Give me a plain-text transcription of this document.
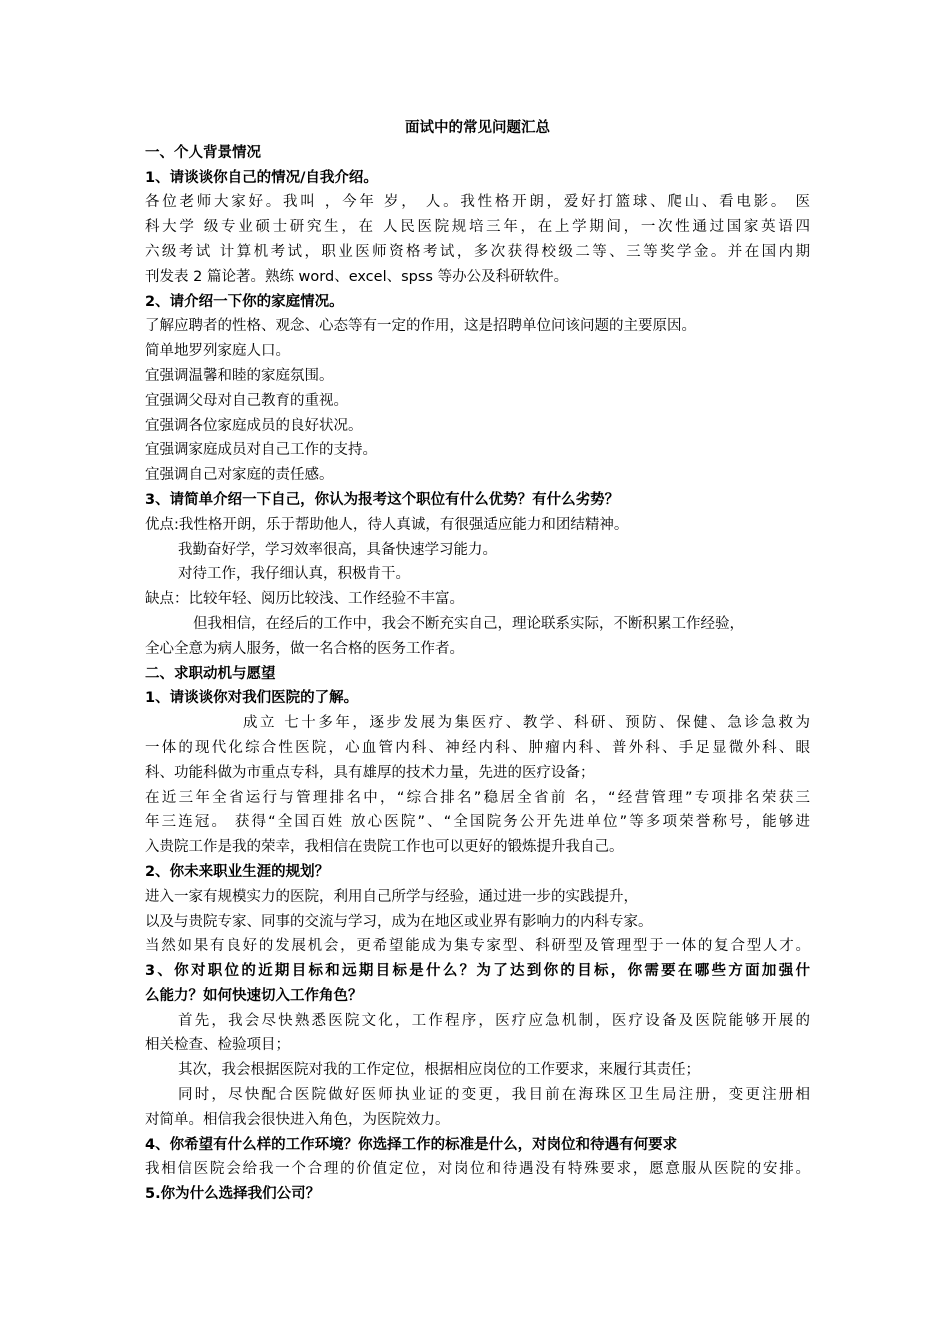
面试中的常见问题汇总
一、个人背景情况
1、请谈谈你自己的情况/自我介绍。
各位老师大家好。我叫 ，今年 岁， 人。我性格开朗，爱好打篮球、爬山、看电影。 医
科大学 级专业硕士研究生，在 人民医院规培三年，在上学期间，一次性通过国家英语四
六级考试 计算机考试，职业医师资格考试，多次获得校级二等、三等奖学金。并在国内期
刊发表 2 篇论著。熟练 word、excel、spss 等办公及科研软件。
2、请介绍一下你的家庭情况。
了解应聘者的性格、观念、心态等有一定的作用，这是招聘单位问该问题的主要原因。
简单地罗列家庭人口。
宜强调温馨和睦的家庭氛围。
宜强调父母对自己教育的重视。
宜强调各位家庭成员的良好状况。
宜强调家庭成员对自己工作的支持。
宜强调自己对家庭的责任感。
3、请简单介绍一下自己，你认为报考这个职位有什么优势？有什么劣势？
优点:我性格开朗，乐于帮助他人，待人真诚，有很强适应能力和团结精神。
我勤奋好学，学习效率很高，具备快速学习能力。
对待工作，我仔细认真，积极肯干。
缺点：比较年轻、阅历比较浅、工作经验不丰富。
但我相信，在经后的工作中，我会不断充实自己，理论联系实际，不断积累工作经验，
全心全意为病人服务，做一名合格的医务工作者。
二、求职动机与愿望
1、请谈谈你对我们医院的了解。
成立 七十多年，逐步发展为集医疗、教学、科研、预防、保健、急诊急救为
一体的现代化综合性医院，心血管内科、神经内科、肿瘤内科、普外科、手足显微外科、眼
科、功能科做为市重点专科，具有雄厚的技术力量，先进的医疗设备；
在近三年全省运行与管理排名中，“综合排名”稳居全省前 名，“经营管理”专项排名荣获三
年三连冠。 获得“全国百姓 放心医院”、“全国院务公开先进单位”等多项荣誉称号，能够进
入贵院工作是我的荣幸，我相信在贵院工作也可以更好的锻炼提升我自己。
2、你未来职业生涯的规划？
进入一家有规模实力的医院，利用自己所学与经验，通过进一步的实践提升，
以及与贵院专家、同事的交流与学习，成为在地区或业界有影响力的内科专家。
当然如果有良好的发展机会，更希望能成为集专家型、科研型及管理型于一体的复合型人才。
3、你对职位的近期目标和远期目标是什么？为了达到你的目标，你需要在哪些方面加强什
么能力？如何快速切入工作角色？
首先，我会尽快熟悉医院文化，工作程序，医疗应急机制，医疗设备及医院能够开展的
相关检查、检验项目；
其次，我会根据医院对我的工作定位，根据相应岗位的工作要求，来履行其责任；
同时，尽快配合医院做好医师执业证的变更，我目前在海珠区卫生局注册，变更注册相
对简单。相信我会很快进入角色，为医院效力。
4、你希望有什么样的工作环境？你选择工作的标准是什么，对岗位和待遇有何要求
我相信医院会给我一个合理的价值定位，对岗位和待遇没有特殊要求，愿意服从医院的安排。
5.你为什么选择我们公司？
